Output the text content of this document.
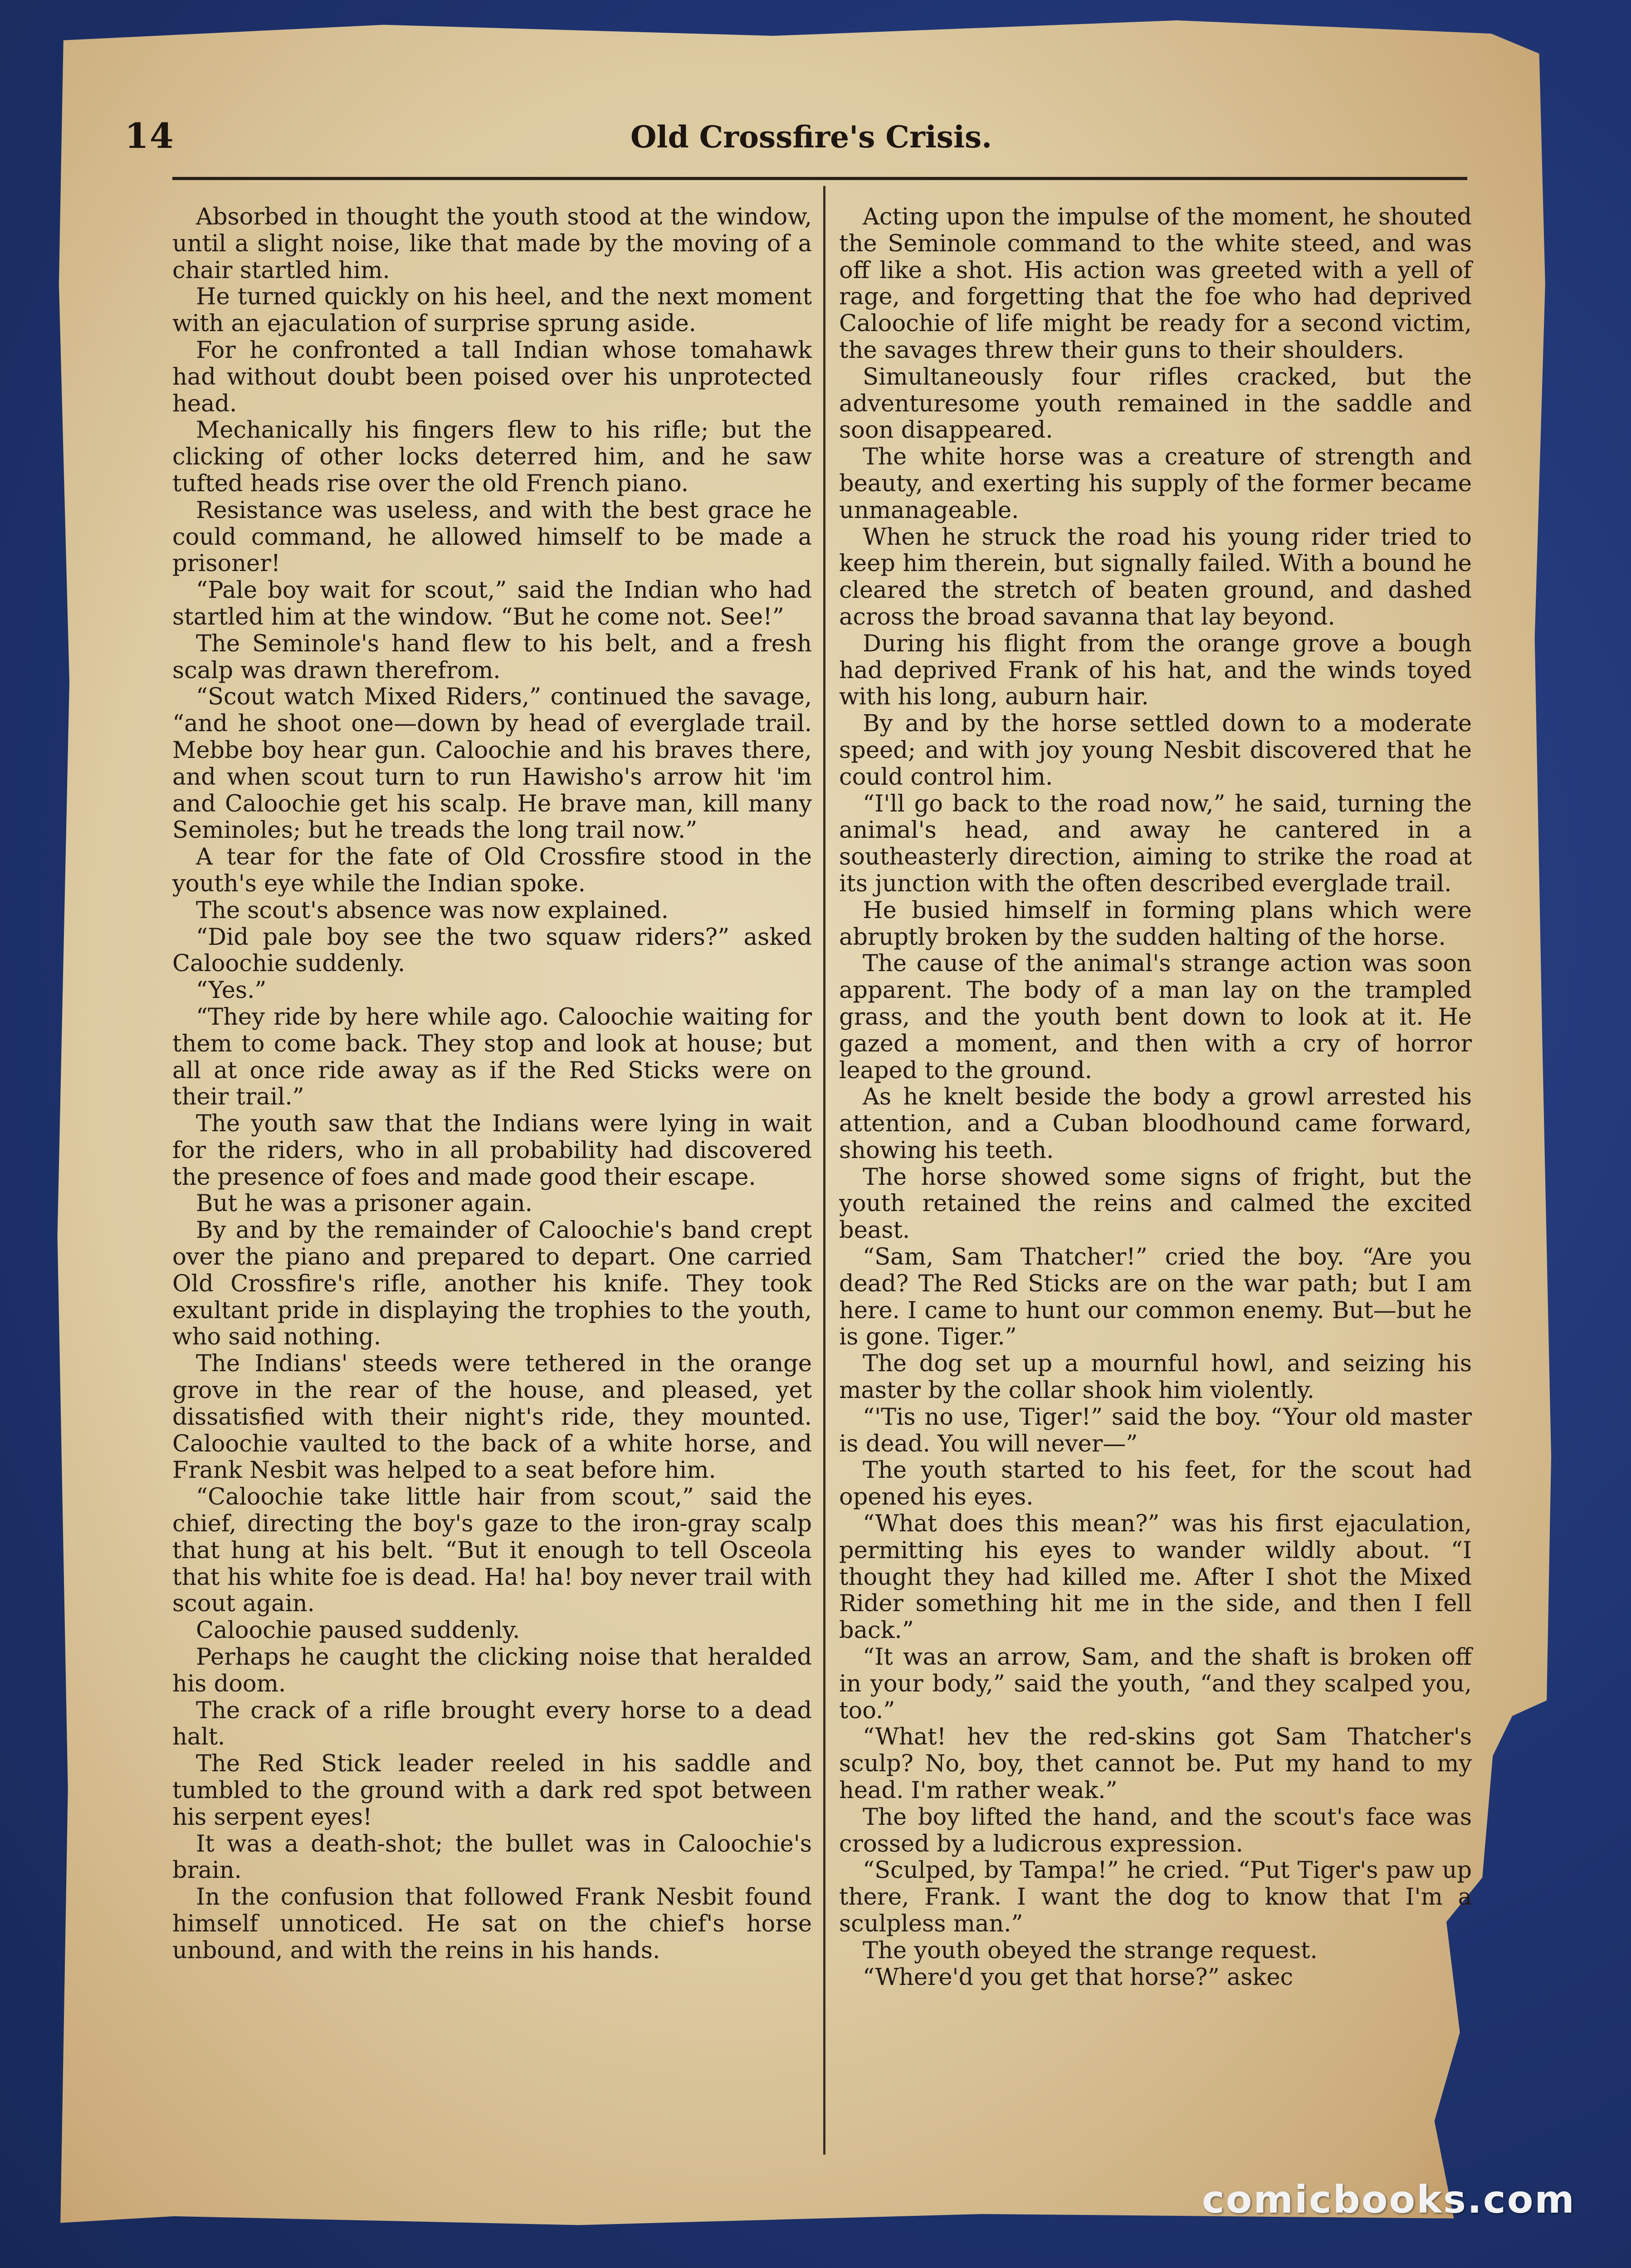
14	Old Crossfire's Crisis.

Absorbed in thought the youth stood at the window, until a slight noise, like that made by the moving of a chair startled him.

He turned quickly on his heel, and the next moment with an ejaculation of surprise sprung aside.

For he confronted a tall Indian whose tomahawk had without doubt been poised over his unprotected head.

Mechanically his fingers flew to his rifle; but the clicking of other locks deterred him, and he saw tufted heads rise over the old French piano.

Resistance was useless, and with the best grace he could command, he allowed himself to be made a prisoner!

“Pale boy wait for scout,” said the Indian who had startled him at the window. “But he come not. See!”

The Seminole's hand flew to his belt, and a fresh scalp was drawn therefrom.

“Scout watch Mixed Riders,” continued the savage, “and he shoot one—down by head of everglade trail. Mebbe boy hear gun. Caloochie and his braves there, and when scout turn to run Hawisho's arrow hit 'im and Caloochie get his scalp. He brave man, kill many Seminoles; but he treads the long trail now.”

A tear for the fate of Old Crossfire stood in the youth's eye while the Indian spoke.

The scout's absence was now explained.

“Did pale boy see the two squaw riders?” asked Caloochie suddenly.

“Yes.”

“They ride by here while ago. Caloochie waiting for them to come back. They stop and look at house; but all at once ride away as if the Red Sticks were on their trail.”

The youth saw that the Indians were lying in wait for the riders, who in all probability had discovered the presence of foes and made good their escape.

But he was a prisoner again.

By and by the remainder of Caloochie's band crept over the piano and prepared to depart. One carried Old Crossfire's rifle, another his knife. They took exultant pride in displaying the trophies to the youth, who said nothing.

The Indians' steeds were tethered in the orange grove in the rear of the house, and pleased, yet dissatisfied with their night's ride, they mounted. Caloochie vaulted to the back of a white horse, and Frank Nesbit was helped to a seat before him.

“Caloochie take little hair from scout,” said the chief, directing the boy's gaze to the iron-gray scalp that hung at his belt. “But it enough to tell Osceola that his white foe is dead. Ha! ha! boy never trail with scout again.

Caloochie paused suddenly.

Perhaps he caught the clicking noise that heralded his doom.

The crack of a rifle brought every horse to a dead halt.

The Red Stick leader reeled in his saddle and tumbled to the ground with a dark red spot between his serpent eyes!

It was a death-shot; the bullet was in Caloochie's brain.

In the confusion that followed Frank Nesbit found himself unnoticed. He sat on the chief's horse unbound, and with the reins in his hands.

Acting upon the impulse of the moment, he shouted the Seminole command to the white steed, and was off like a shot. His action was greeted with a yell of rage, and forgetting that the foe who had deprived Caloochie of life might be ready for a second victim, the savages threw their guns to their shoulders.

Simultaneously four rifles cracked, but the adventuresome youth remained in the saddle and soon disappeared.

The white horse was a creature of strength and beauty, and exerting his supply of the former became unmanageable.

When he struck the road his young rider tried to keep him therein, but signally failed. With a bound he cleared the stretch of beaten ground, and dashed across the broad savanna that lay beyond.

During his flight from the orange grove a bough had deprived Frank of his hat, and the winds toyed with his long, auburn hair.

By and by the horse settled down to a moderate speed; and with joy young Nesbit discovered that he could control him.

“I'll go back to the road now,” he said, turning the animal's head, and away he cantered in a southeasterly direction, aiming to strike the road at its junction with the often described everglade trail.

He busied himself in forming plans which were abruptly broken by the sudden halting of the horse.

The cause of the animal's strange action was soon apparent. The body of a man lay on the trampled grass, and the youth bent down to look at it. He gazed a moment, and then with a cry of horror leaped to the ground.

As he knelt beside the body a growl arrested his attention, and a Cuban bloodhound came forward, showing his teeth.

The horse showed some signs of fright, but the youth retained the reins and calmed the excited beast.

“Sam, Sam Thatcher!” cried the boy. “Are you dead? The Red Sticks are on the war path; but I am here. I came to hunt our common enemy. But—but he is gone. Tiger.”

The dog set up a mournful howl, and seizing his master by the collar shook him violently.

“'Tis no use, Tiger!” said the boy. “Your old master is dead. You will never—”

The youth started to his feet, for the scout had opened his eyes.

“What does this mean?” was his first ejaculation, permitting his eyes to wander wildly about. “I thought they had killed me. After I shot the Mixed Rider something hit me in the side, and then I fell back.”

“It was an arrow, Sam, and the shaft is broken off in your body,” said the youth, “and they scalped you, too.”

“What! hev the red-skins got Sam Thatcher's sculp? No, boy, thet cannot be. Put my hand to my head. I'm rather weak.”

The boy lifted the hand, and the scout's face was crossed by a ludicrous expression.

“Sculped, by Tampa!” he cried. “Put Tiger's paw up there, Frank. I want the dog to know that I'm a sculpless man.”

The youth obeyed the strange request.

“Where'd you get that horse?” askec

comicbooks.com
